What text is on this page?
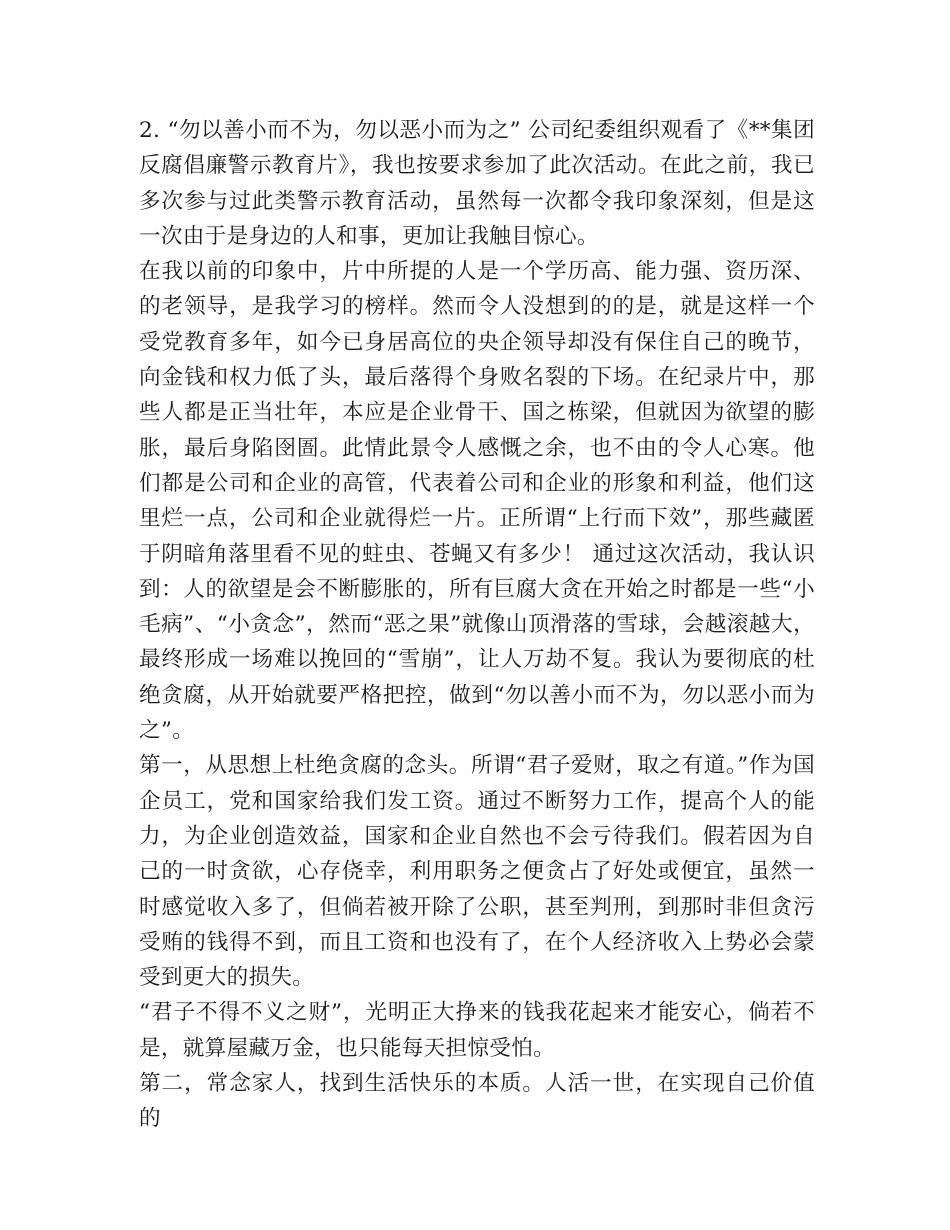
2. “勿以善小而不为，勿以恶小而为之” 公司纪委组织观看了《**集团反腐倡廉警示教育片》，我也按要求参加了此次活动。在此之前，我已多次参与过此类警示教育活动，虽然每一次都令我印象深刻，但是这一次由于是身边的人和事，更加让我触目惊心。

在我以前的印象中，片中所提的人是一个学历高、能力强、资历深、的老领导，是我学习的榜样。然而令人没想到的的是，就是这样一个受党教育多年，如今已身居高位的央企领导却没有保住自己的晚节，向金钱和权力低了头，最后落得个身败名裂的下场。在纪录片中，那些人都是正当壮年，本应是企业骨干、国之栋梁，但就因为欲望的膨胀，最后身陷囹圄。此情此景令人感慨之余，也不由的令人心寒。他们都是公司和企业的高管，代表着公司和企业的形象和利益，他们这里烂一点，公司和企业就得烂一片。正所谓“上行而下效”，那些藏匿于阴暗角落里看不见的蛀虫、苍蝇又有多少！ 通过这次活动，我认识到：人的欲望是会不断膨胀的，所有巨腐大贪在开始之时都是一些“小毛病”、“小贪念”，然而“恶之果”就像山顶滑落的雪球，会越滚越大，最终形成一场难以挽回的“雪崩”，让人万劫不复。我认为要彻底的杜绝贪腐，从开始就要严格把控，做到“勿以善小而不为，勿以恶小而为之”。

第一，从思想上杜绝贪腐的念头。所谓“君子爱财，取之有道。”作为国企员工，党和国家给我们发工资。通过不断努力工作，提高个人的能力，为企业创造效益，国家和企业自然也不会亏待我们。假若因为自己的一时贪欲，心存侥幸，利用职务之便贪占了好处或便宜，虽然一时感觉收入多了，但倘若被开除了公职，甚至判刑，到那时非但贪污受贿的钱得不到，而且工资和也没有了，在个人经济收入上势必会蒙受到更大的损失。

“君子不得不义之财”，光明正大挣来的钱我花起来才能安心，倘若不是，就算屋藏万金，也只能每天担惊受怕。

第二，常念家人，找到生活快乐的本质。人活一世，在实现自己价值的
